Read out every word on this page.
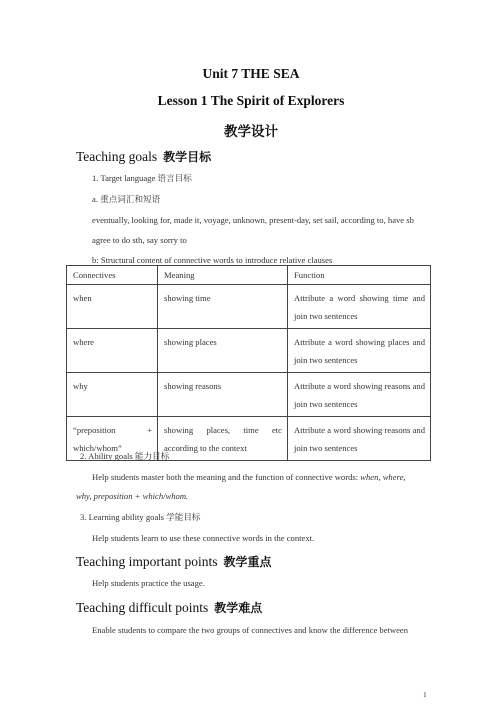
Unit 7 THE SEA
Lesson 1 The Spirit of Explorers
教学设计
Teaching goals 教学目标
1. Target language 语言目标
a. 重点词汇和短语
eventually, looking for, made it, voyage, unknown, present-day, set sail, according to, have sb
agree to do sth, say sorry to
b: Structural content of connective words to introduce relative clauses
Connectives	Meaning	Function
when	showing time	Attribute a word showing time and join two sentences
where	showing places	Attribute a word showing places and join two sentences
why	showing reasons	Attribute a word showing reasons and join two sentences
“preposition + which/whom”	showing places, time etc according to the context	Attribute a word showing reasons and join two sentences
2. Ability goals 能力目标
Help students master both the meaning and the function of connective words: when, where,
why, preposition + which/whom.
3. Learning ability goals 学能目标
Help students learn to use these connective words in the context.
Teaching important points 教学重点
Help students practice the usage.
Teaching difficult points 教学难点
Enable students to compare the two groups of connectives and know the difference between
1
